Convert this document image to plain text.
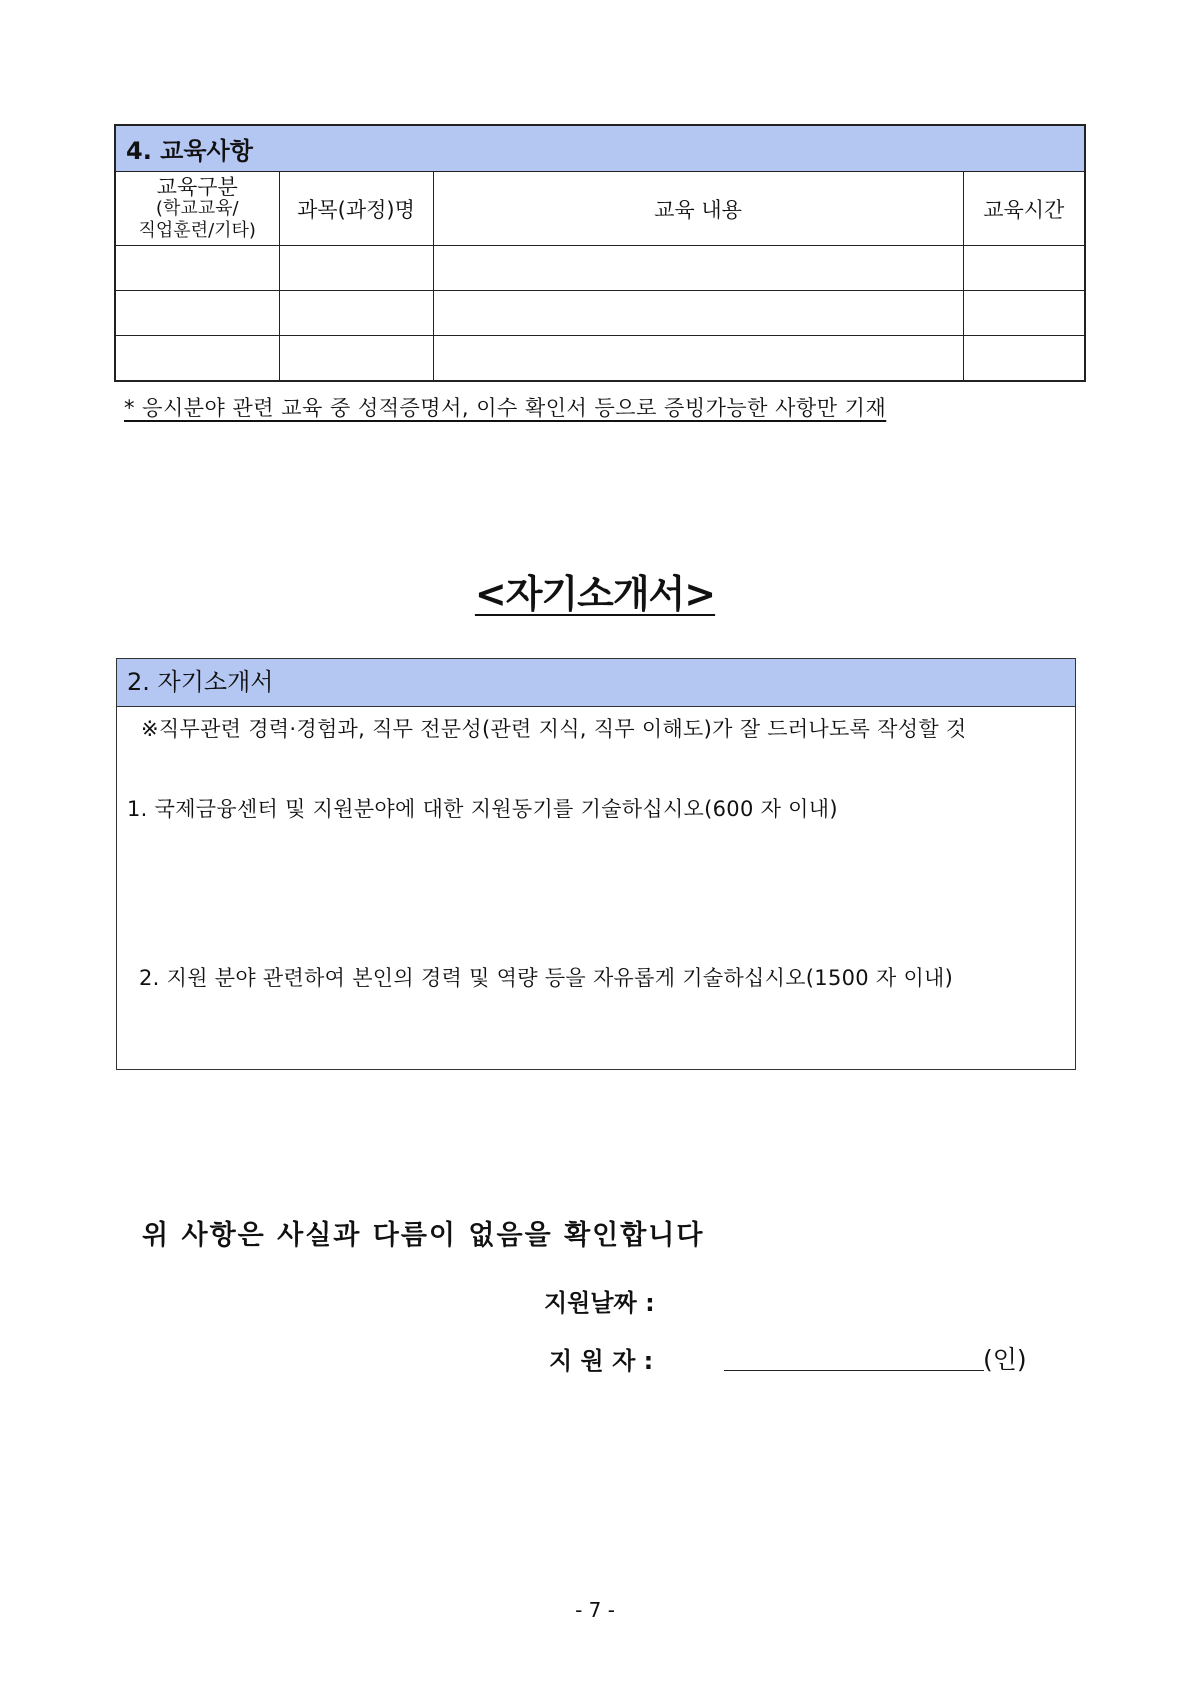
4. 교육사항			

교육구분
(학교교육/
직업훈련/기타)	과목(과정)명	교육 내용	교육시간

* 응시분야 관련 교육 중 성적증명서, 이수 확인서 등으로 증빙가능한 사항만 기재
<자기소개서>
2. 자기소개서
※직무관련 경력·경험과, 직무 전문성(관련 지식, 직무 이해도)가 잘 드러나도록 작성할 것
1. 국제금융센터 및 지원분야에 대한 지원동기를 기술하십시오(600 자 이내)
2. 지원 분야 관련하여 본인의 경력 및 역량 등을 자유롭게 기술하십시오(1500 자 이내)
위 사항은 사실과 다름이 없음을 확인합니다
지원날짜 :
지 원 자 :	(인)
- 7 -
